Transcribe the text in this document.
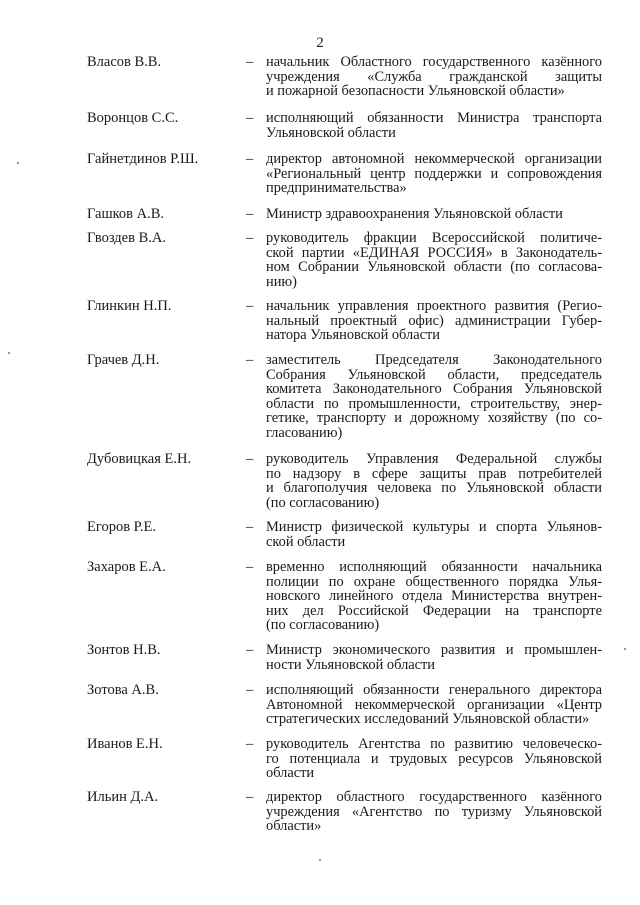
2
Власов В.В.	– начальник Областного государственного казённого
учреждения «Служба гражданской защиты
и пожарной безопасности Ульяновской области»
Воронцов С.С.	– исполняющий обязанности Министра транспорта
Ульяновской области
Гайнетдинов Р.Ш.	– директор автономной некоммерческой организации
«Региональный центр поддержки и сопровождения
предпринимательства»
Гашков А.В.	– Министр здравоохранения Ульяновской области
Гвоздев В.А.	– руководитель фракции Всероссийской политиче-
ской партии «ЕДИНАЯ РОССИЯ» в Законодатель-
ном Собрании Ульяновской области (по согласова-
нию)
Глинкин Н.П.	– начальник управления проектного развития (Регио-
нальный проектный офис) администрации Губер-
натора Ульяновской области
Грачев Д.Н.	– заместитель Председателя Законодательного
Собрания Ульяновской области, председатель
комитета Законодательного Собрания Ульяновской
области по промышленности, строительству, энер-
гетике, транспорту и дорожному хозяйству (по со-
гласованию)
Дубовицкая Е.Н.	– руководитель Управления Федеральной службы
по надзору в сфере защиты прав потребителей
и благополучия человека по Ульяновской области
(по согласованию)
Егоров Р.Е.	– Министр физической культуры и спорта Ульянов-
ской области
Захаров Е.А.	– временно исполняющий обязанности начальника
полиции по охране общественного порядка Улья-
новского линейного отдела Министерства внутрен-
них дел Российской Федерации на транспорте
(по согласованию)
Зонтов Н.В.	– Министр экономического развития и промышлен-
ности Ульяновской области
Зотова А.В.	– исполняющий обязанности генерального директора
Автономной некоммерческой организации «Центр
стратегических исследований Ульяновской области»
Иванов Е.Н.	– руководитель Агентства по развитию человеческо-
го потенциала и трудовых ресурсов Ульяновской
области
Ильин Д.А.	– директор областного государственного казённого
учреждения «Агентство по туризму Ульяновской
области»
